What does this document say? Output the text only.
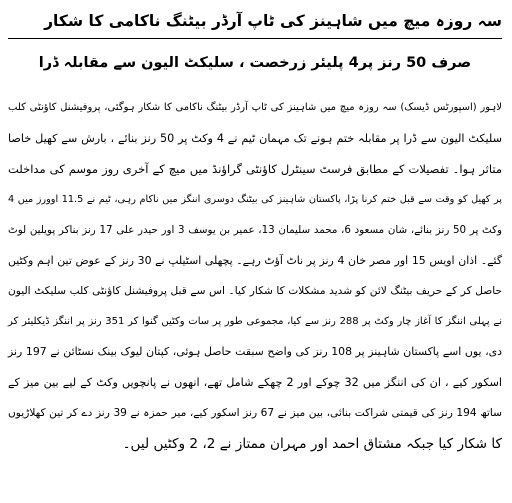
سہ روزہ میچ میں شاہینز کی ٹاپ آرڈر بیٹنگ ناکامی کا شکار
صرف 50 رنز پر4 پلیئر زرخصت ، سلیکٹ الیون سے مقابلہ ڈرا
لاہور (اسپورٹس ڈیسک) سہ روزہ میچ میں شاہینز کی ٹاپ آرڈر بیٹنگ ناکامی کا شکار ہوگئی، پروفیشنل کاؤنٹی کلب
سلیکٹ الیون سے ڈرا پر مقابلہ ختم ہونے تک مہمان ٹیم نے 4 وکٹ پر 50 رنز بنائے ، بارش سے کھیل خاصا
متاثر ہوا۔ تفصیلات کے مطابق فرسٹ سینٹرل کاؤنٹی گراؤنڈ میں میچ کے آخری روز موسم کی مداخلت
پر کھیل کو وقت سے قبل ختم کرنا پڑا، پاکستان شاہینز کی بیٹنگ دوسری اننگز میں ناکام رہی، ٹیم نے 11.5 اوورز میں 4
وکٹ پر 50 رنز بنائے، شان مسعود 6، محمد سلیمان 13، عمیر بن یوسف 3 اور حیدر علی 17 رنز بناکر پویلین لوٹ
گئے۔ اذان اویس 15 اور مصر خان 4 رنز پر ناٹ آؤٹ رہے۔ پچھلی اسٹیلپ نے 30 رنز کے عوض تین اہم وکٹیں
حاصل کر کے حریف بیٹنگ لائن کو شدید مشکلات کا شکار کیا۔ اس سے قبل پروفیشنل کاؤنٹی کلب سلیکٹ الیون
نے پہلی اننگز کا آغاز چار وکٹ پر 288 رنز سے کیا، مجموعی طور پر سات وکٹیں گنوا کر 351 رنز پر اننگز ڈیکلیئر کر
دی، یوں اسے پاکستان شاہینز پر 108 رنز کی واضح سبقت حاصل ہوئی، کپتان لیوک بینک نسٹائن نے 197 رنز
اسکور کیے ، ان کی اننگز میں 32 چوکے اور 2 چھکے شامل تھے، انھوں نے پانچویں وکٹ کے لیے بین میز کے
ساتھ 194 رنز کی قیمتی شراکت بنائی، بین میز نے 67 رنز اسکور کیے، میر حمزہ نے 39 رنز دے کر تین کھلاڑیوں
کا شکار کیا جبکہ مشتاق احمد اور مہران ممتاز نے 2، 2 وکٹیں لیں۔
